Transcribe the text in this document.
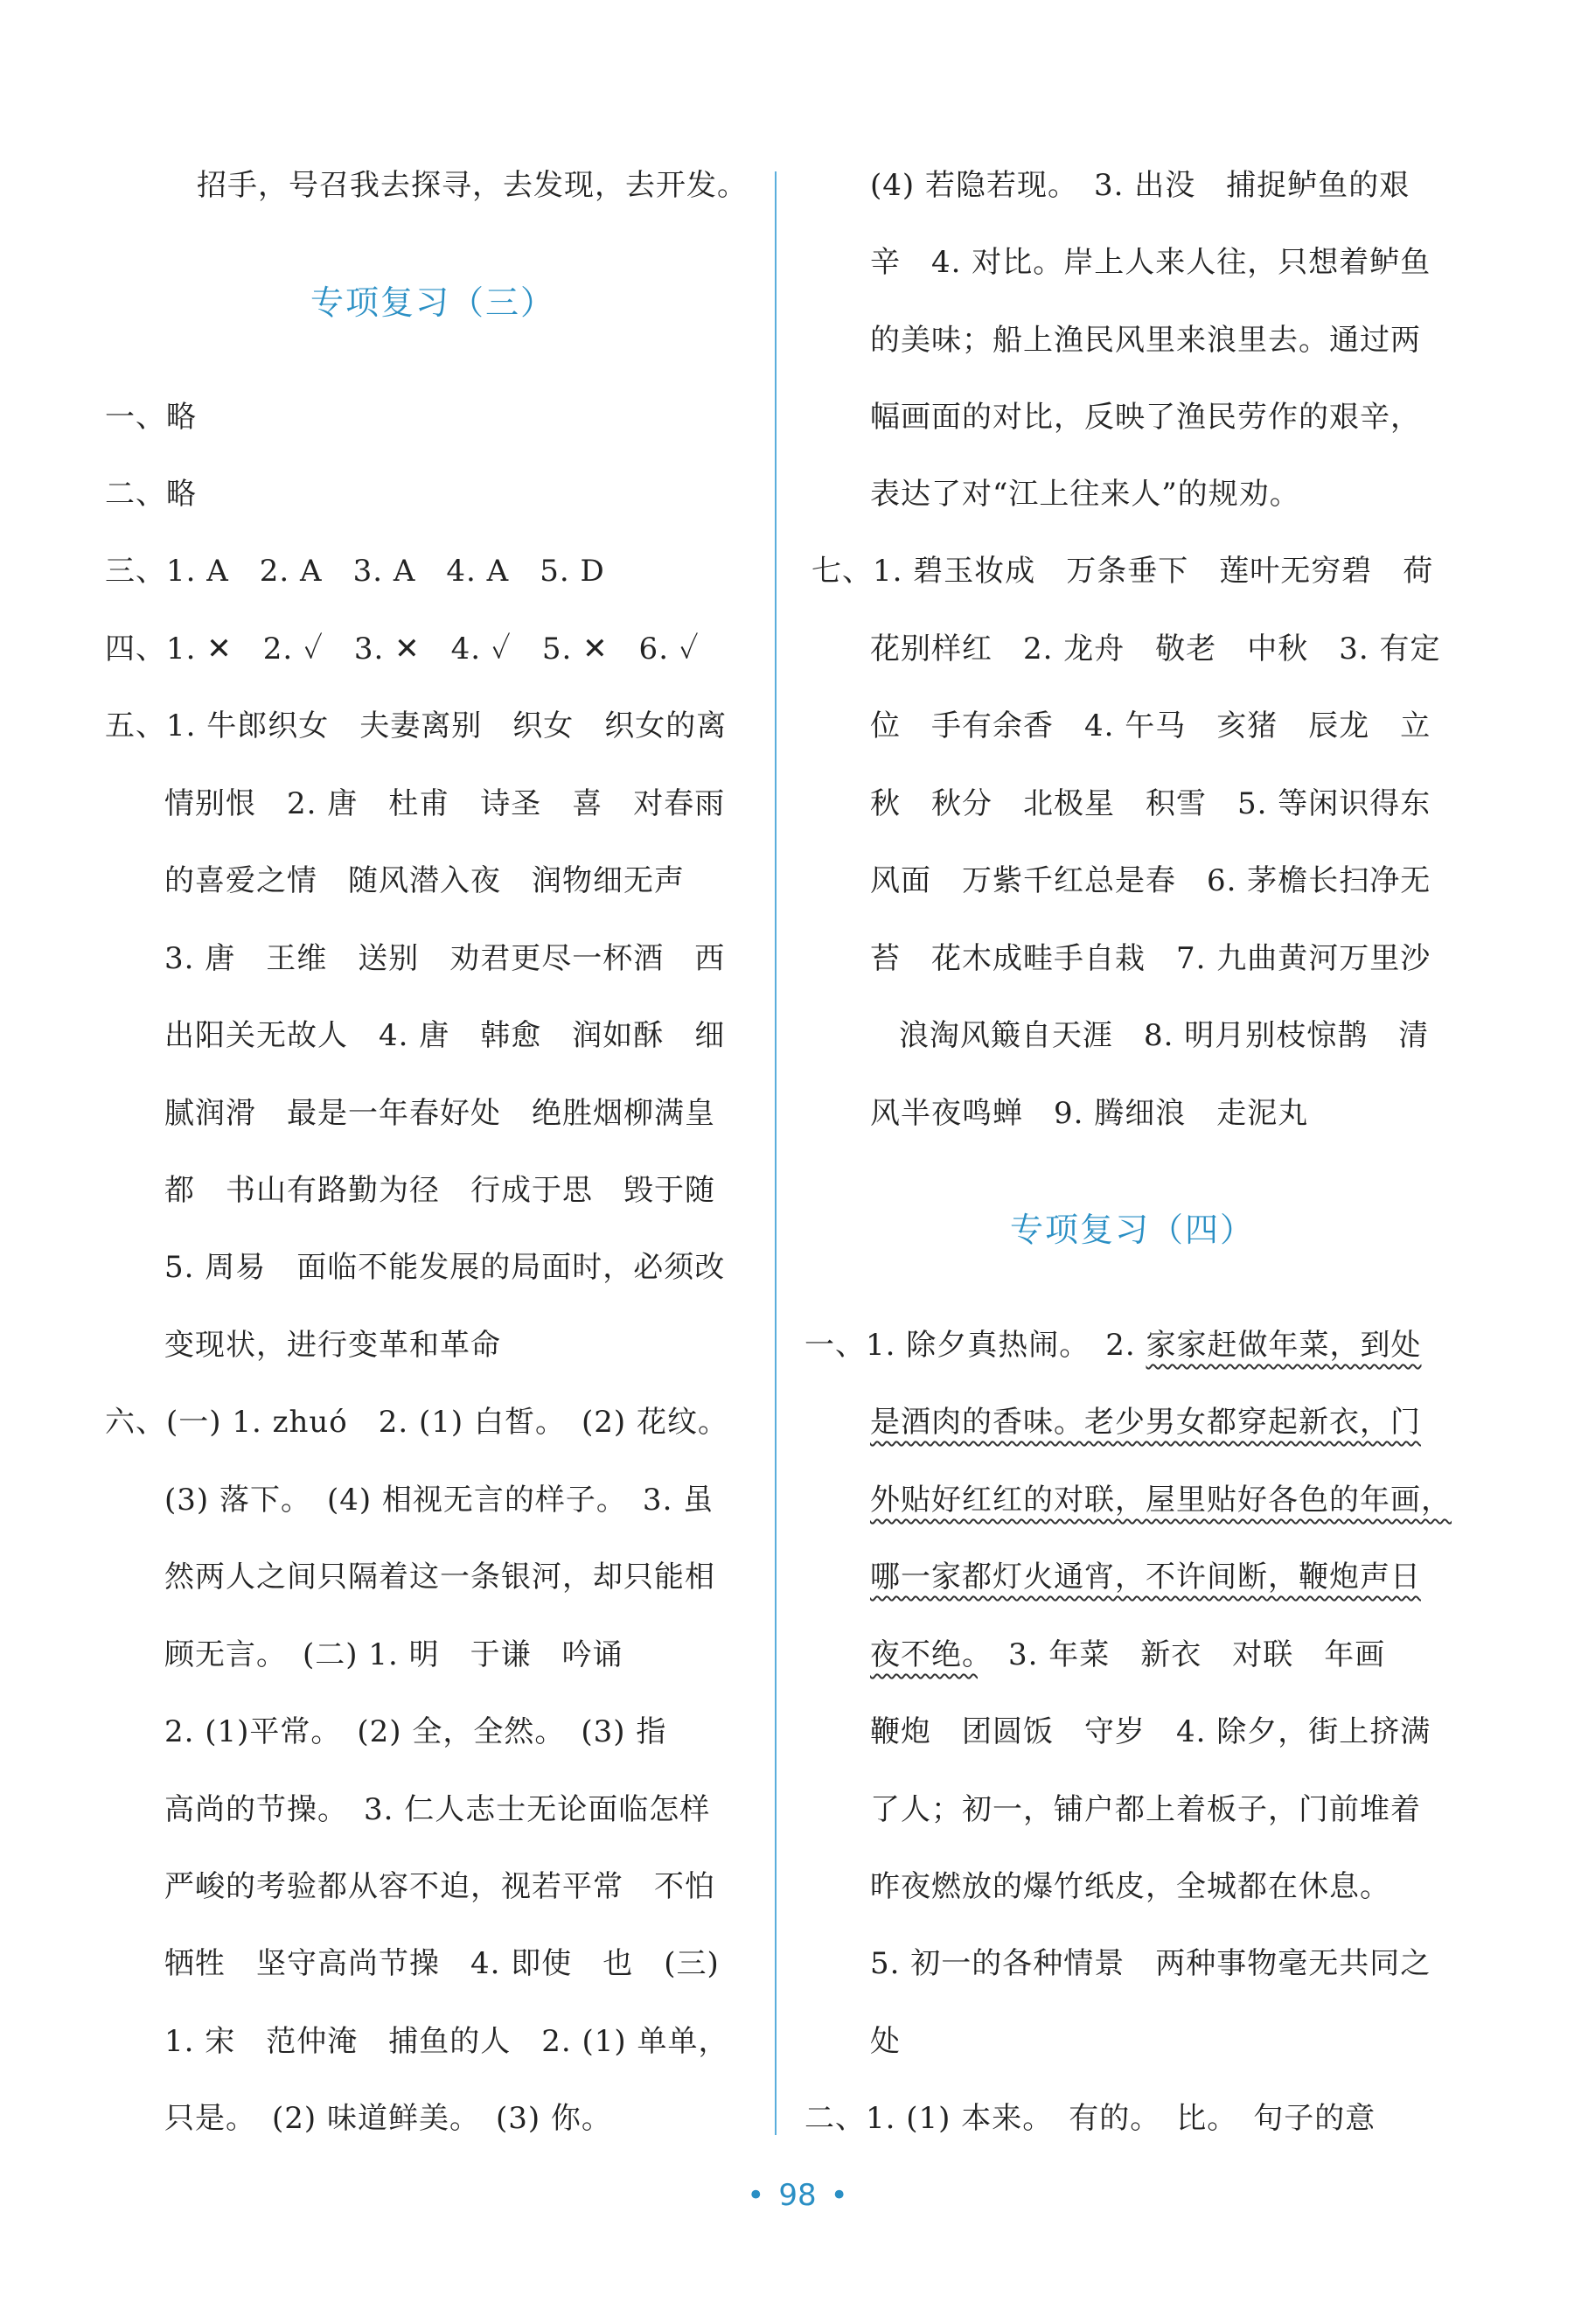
招手，号召我去探寻，去发现，去开发。
专项复习（三）
一、略
二、略
三、1. A　2. A　3. A　4. A　5. D
四、1. ✕　2. ✓　3. ✕　4. ✓　5. ✕　6. ✓
五、1. 牛郎织女　夫妻离别　织女　织女的离
情别恨　2. 唐　杜甫　诗圣　喜　对春雨
的喜爱之情　随风潜入夜　润物细无声
3. 唐　王维　送别　劝君更尽一杯酒　西
出阳关无故人　4. 唐　韩愈　润如酥　细
腻润滑　最是一年春好处　绝胜烟柳满皇
都　书山有路勤为径　行成于思　毁于随
5. 周易　面临不能发展的局面时，必须改
变现状，进行变革和革命
六、(一) 1. zhuó　2. (1) 白皙。　(2) 花纹。
(3) 落下。　(4) 相视无言的样子。　3. 虽
然两人之间只隔着这一条银河，却只能相
顾无言。　(二) 1. 明　于谦　吟诵
2. (1)平常。　(2) 全，全然。　(3) 指
高尚的节操。　3. 仁人志士无论面临怎样
严峻的考验都从容不迫，视若平常　不怕
牺牲　坚守高尚节操　4. 即使　也　(三)
1. 宋　范仲淹　捕鱼的人　2. (1) 单单，
只是。　(2) 味道鲜美。　(3) 你。
(4) 若隐若现。　3. 出没　捕捉鲈鱼的艰
辛　4. 对比。岸上人来人往，只想着鲈鱼
的美味；船上渔民风里来浪里去。通过两
幅画面的对比，反映了渔民劳作的艰辛，
表达了对“江上往来人”的规劝。
七、1. 碧玉妆成　万条垂下　莲叶无穷碧　荷
花别样红　2. 龙舟　敬老　中秋　3. 有定
位　手有余香　4. 午马　亥猪　辰龙　立
秋　秋分　北极星　积雪　5. 等闲识得东
风面　万紫千红总是春　6. 茅檐长扫净无
苔　花木成畦手自栽　7. 九曲黄河万里沙
浪淘风簸自天涯　8. 明月别枝惊鹊　清
风半夜鸣蝉　9. 腾细浪　走泥丸
专项复习（四）
一、1. 除夕真热闹。　2. 家家赶做年菜，到处
是酒肉的香味。老少男女都穿起新衣，门
外贴好红红的对联，屋里贴好各色的年画，
哪一家都灯火通宵，不许间断，鞭炮声日
夜不绝。　3. 年菜　新衣　对联　年画
鞭炮　团圆饭　守岁　4. 除夕，街上挤满
了人；初一，铺户都上着板子，门前堆着
昨夜燃放的爆竹纸皮，全城都在休息。
5. 初一的各种情景　两种事物毫无共同之
处
二、1. (1) 本来。　有的。　比。　句子的意
• 98 •
